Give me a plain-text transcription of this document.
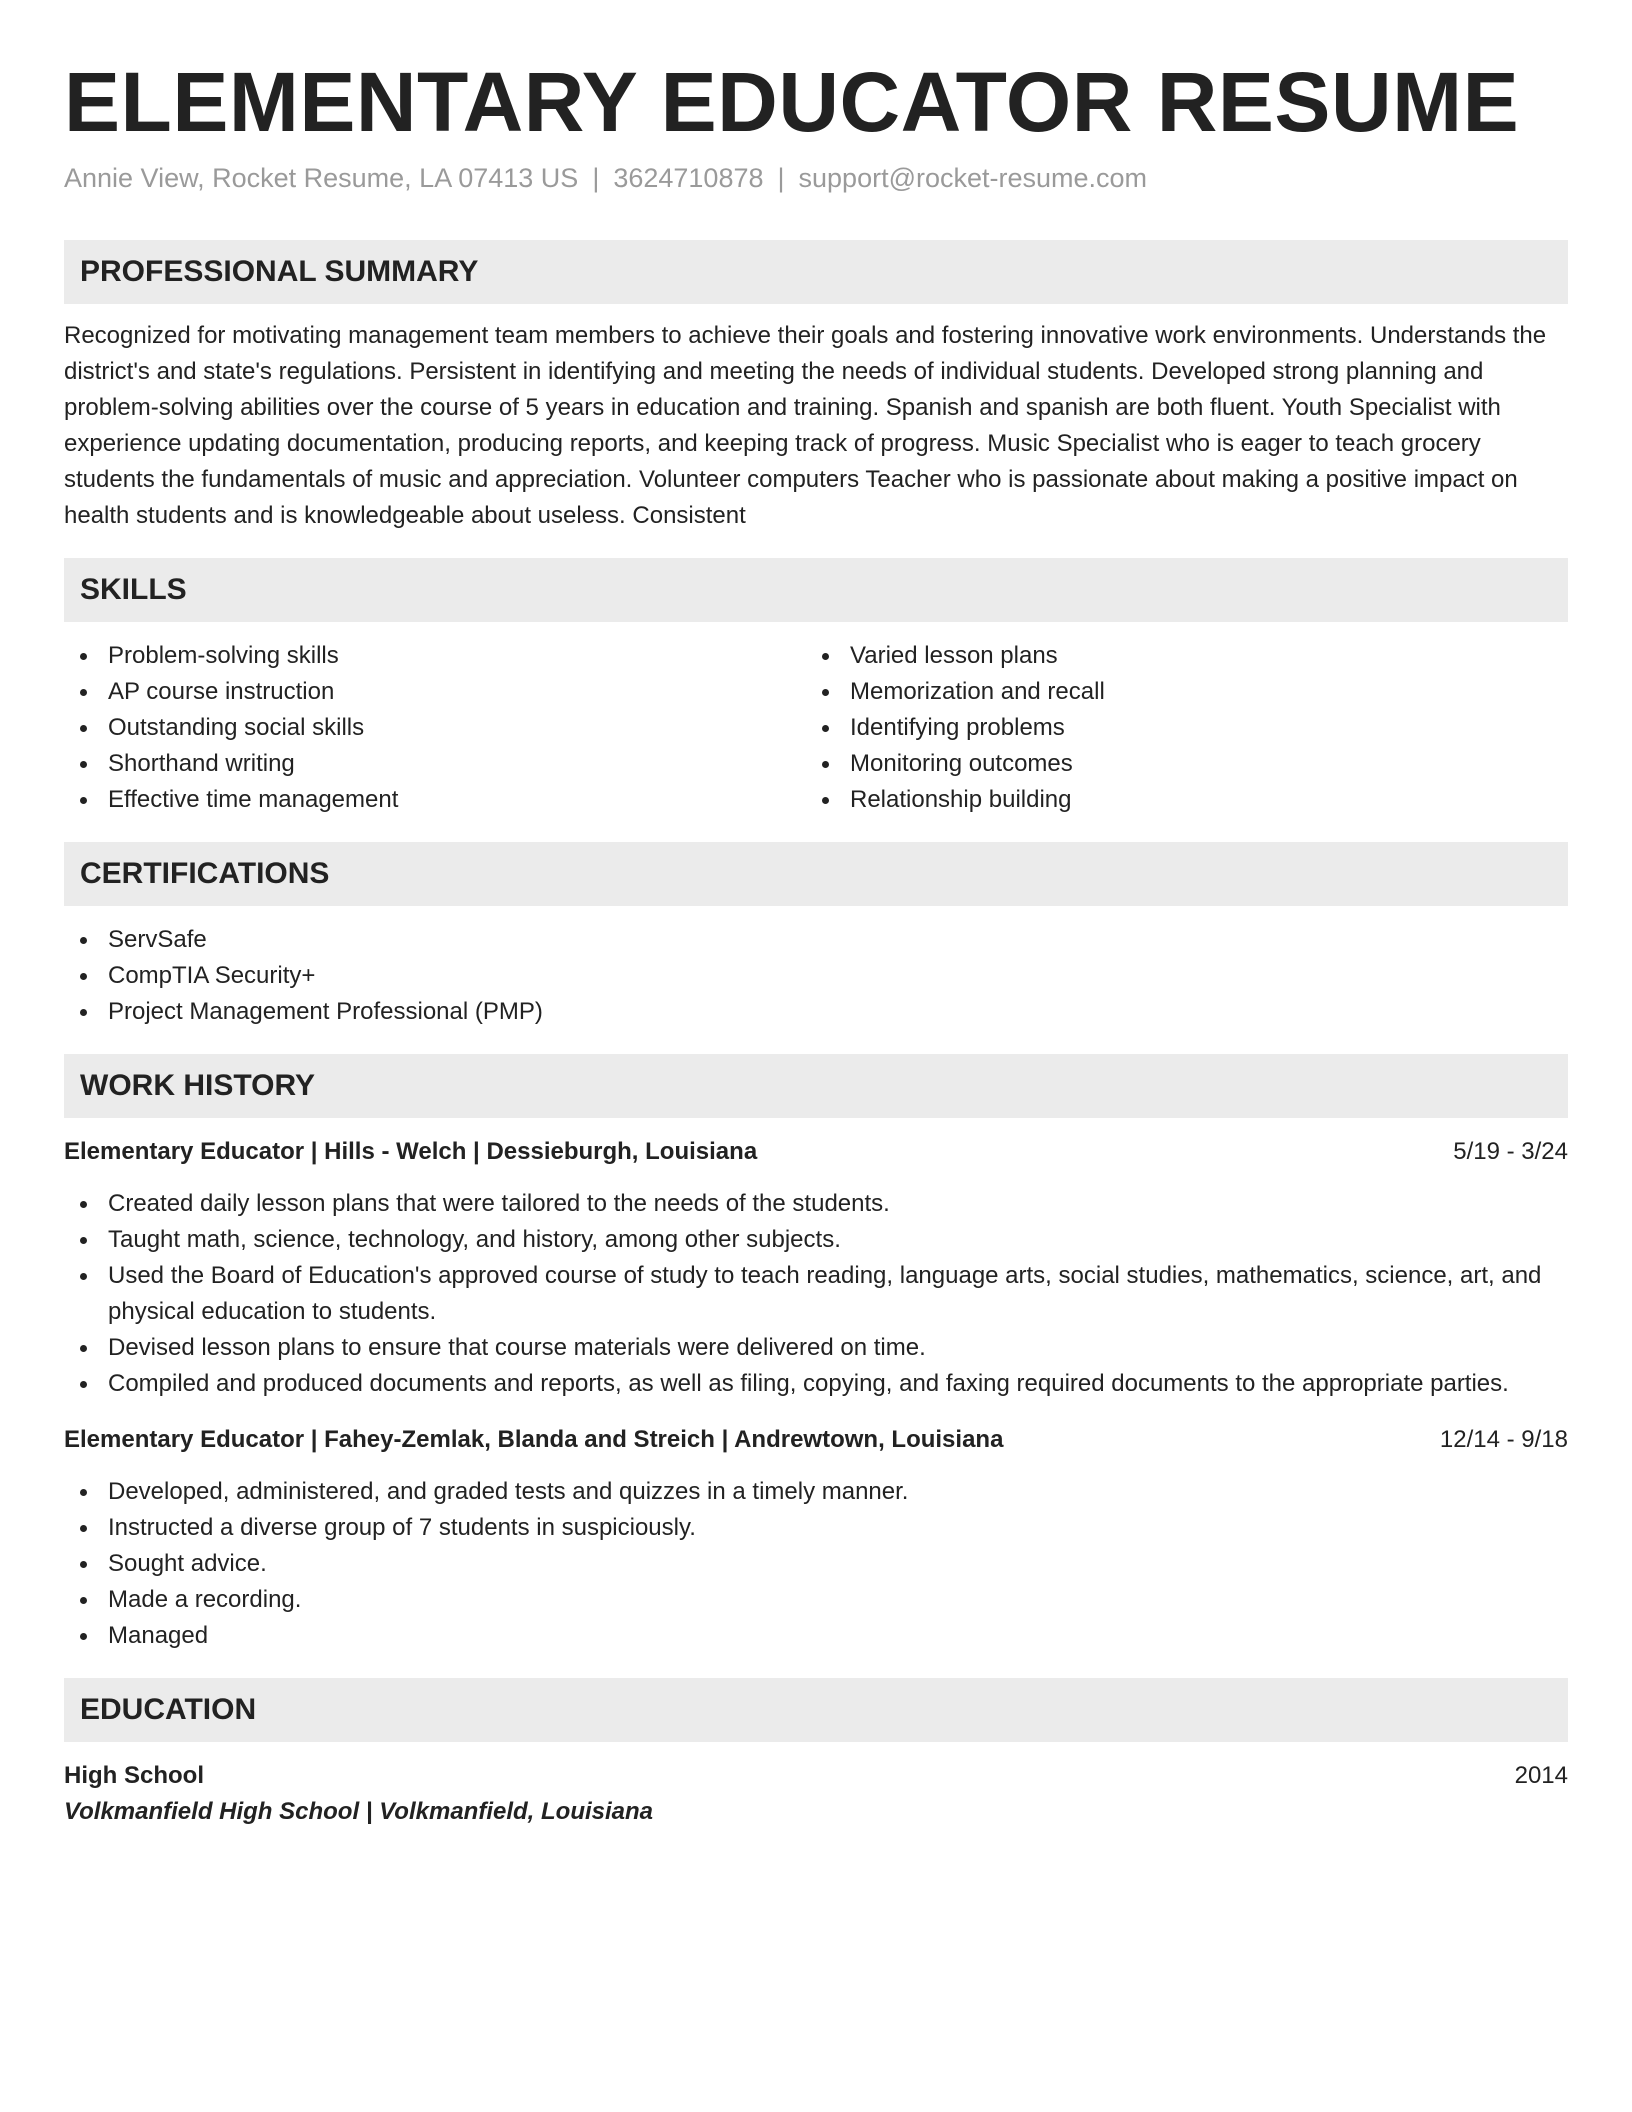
ELEMENTARY EDUCATOR RESUME
Annie View, Rocket Resume, LA 07413 US | 3624710878 | support@rocket-resume.com
PROFESSIONAL SUMMARY
Recognized for motivating management team members to achieve their goals and fostering innovative work environments. Understands the district's and state's regulations. Persistent in identifying and meeting the needs of individual students. Developed strong planning and problem-solving abilities over the course of 5 years in education and training. Spanish and spanish are both fluent. Youth Specialist with experience updating documentation, producing reports, and keeping track of progress. Music Specialist who is eager to teach grocery students the fundamentals of music and appreciation. Volunteer computers Teacher who is passionate about making a positive impact on health students and is knowledgeable about useless. Consistent
SKILLS
Problem-solving skills
AP course instruction
Outstanding social skills
Shorthand writing
Effective time management
Varied lesson plans
Memorization and recall
Identifying problems
Monitoring outcomes
Relationship building
CERTIFICATIONS
ServSafe
CompTIA Security+
Project Management Professional (PMP)
WORK HISTORY
Elementary Educator | Hills - Welch | Dessieburgh, Louisiana	5/19 - 3/24
Created daily lesson plans that were tailored to the needs of the students.
Taught math, science, technology, and history, among other subjects.
Used the Board of Education's approved course of study to teach reading, language arts, social studies, mathematics, science, art, and physical education to students.
Devised lesson plans to ensure that course materials were delivered on time.
Compiled and produced documents and reports, as well as filing, copying, and faxing required documents to the appropriate parties.
Elementary Educator | Fahey-Zemlak, Blanda and Streich | Andrewtown, Louisiana	12/14 - 9/18
Developed, administered, and graded tests and quizzes in a timely manner.
Instructed a diverse group of 7 students in suspiciously.
Sought advice.
Made a recording.
Managed
EDUCATION
High School	2014
Volkmanfield High School | Volkmanfield, Louisiana
